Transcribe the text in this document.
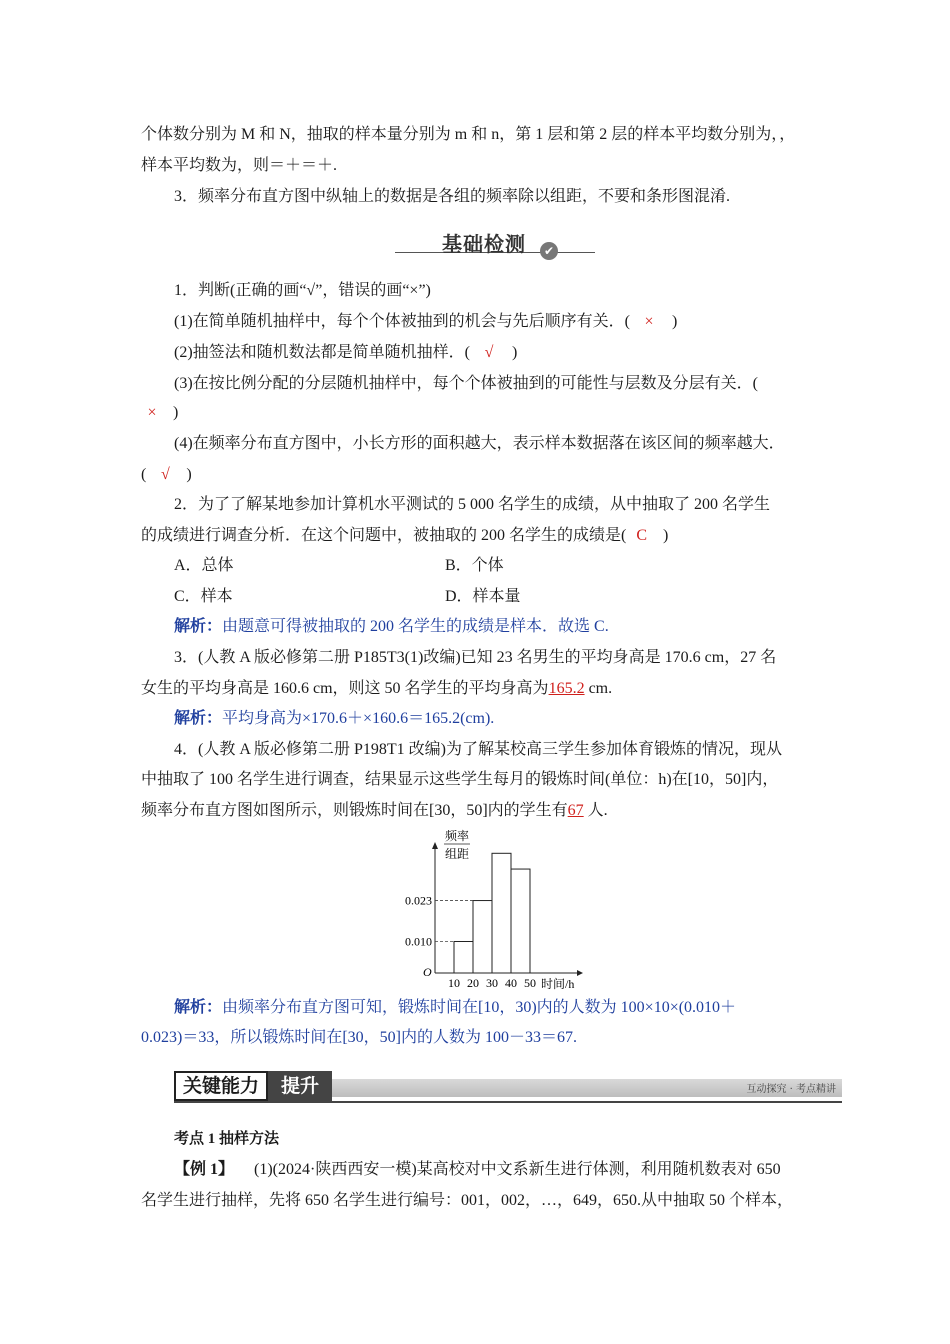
个体数分别为 M 和 N，抽取的样本量分别为 m 和 n，第 1 层和第 2 层的样本平均数分别为，，
样本平均数为，则＝＋＝＋.
3．频率分布直方图中纵轴上的数据是各组的频率除以组距，不要和条形图混淆.
基础检测	✔
1．判断(正确的画“√”，错误的画“×”)
(1)在简单随机抽样中，每个个体被抽到的机会与先后顺序有关．( × )
(2)抽签法和随机数法都是简单随机抽样．( √ )
(3)在按比例分配的分层随机抽样中，每个个体被抽到的可能性与层数及分层有关．(
× )
(4)在频率分布直方图中，小长方形的面积越大，表示样本数据落在该区间的频率越大．
( √ )
2．为了了解某地参加计算机水平测试的 5 000 名学生的成绩，从中抽取了 200 名学生
的成绩进行调查分析．在这个问题中，被抽取的 200 名学生的成绩是( C )
A．总体	B．个体
C．样本	D．样本量
解析：由题意可得被抽取的 200 名学生的成绩是样本．故选 C.
3．(人教 A 版必修第二册 P185T3(1)改编)已知 23 名男生的平均身高是 170.6 cm，27 名
女生的平均身高是 160.6 cm，则这 50 名学生的平均身高为165.2 cm.
解析：平均身高为×170.6＋×160.6＝165.2(cm).
4．(人教 A 版必修第二册 P198T1 改编)为了解某校高三学生参加体育锻炼的情况，现从
中抽取了 100 名学生进行调查，结果显示这些学生每月的锻炼时间(单位：h)在[10，50]内，
频率分布直方图如图所示，则锻炼时间在[30，50]内的学生有67 人.
频率
组距
0.010
0.023
10 20 30 40 50
O
时间/h
解析：由频率分布直方图可知，锻炼时间在[10，30)内的人数为 100×10×(0.010＋
0.023)＝33，所以锻炼时间在[30，50]内的人数为 100－33＝67.
关键能力	提升	互动探究 · 考点精讲
考点 1 抽样方法
【例 1】 (1)(2024·陕西西安一模)某高校对中文系新生进行体测，利用随机数表对 650
名学生进行抽样，先将 650 名学生进行编号：001，002，…，649，650.从中抽取 50 个样本，
